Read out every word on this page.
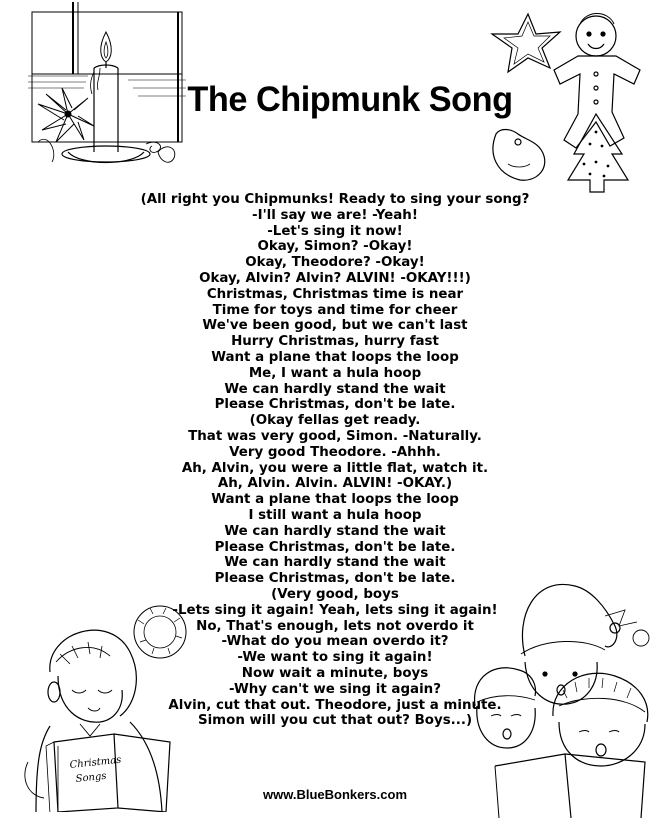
The Chipmunk Song
Christmas
Songs
(All right you Chipmunks! Ready to sing your song?
-I'll say we are! -Yeah!
-Let's sing it now!
Okay, Simon? -Okay!
Okay, Theodore? -Okay!
Okay, Alvin? Alvin? ALVIN! -OKAY!!!)
Christmas, Christmas time is near
Time for toys and time for cheer
We've been good, but we can't last
Hurry Christmas, hurry fast
Want a plane that loops the loop
Me, I want a hula hoop
We can hardly stand the wait
Please Christmas, don't be late.
(Okay fellas get ready.
That was very good, Simon. -Naturally.
Very good Theodore. -Ahhh.
Ah, Alvin, you were a little flat, watch it.
Ah, Alvin. Alvin. ALVIN! -OKAY.)
Want a plane that loops the loop
I still want a hula hoop
We can hardly stand the wait
Please Christmas, don't be late.
We can hardly stand the wait
Please Christmas, don't be late.
(Very good, boys
-Lets sing it again! Yeah, lets sing it again!
No, That's enough, lets not overdo it
-What do you mean overdo it?
-We want to sing it again!
Now wait a minute, boys
-Why can't we sing it again?
Alvin, cut that out. Theodore, just a minute.
Simon will you cut that out? Boys...)
www.BlueBonkers.com
